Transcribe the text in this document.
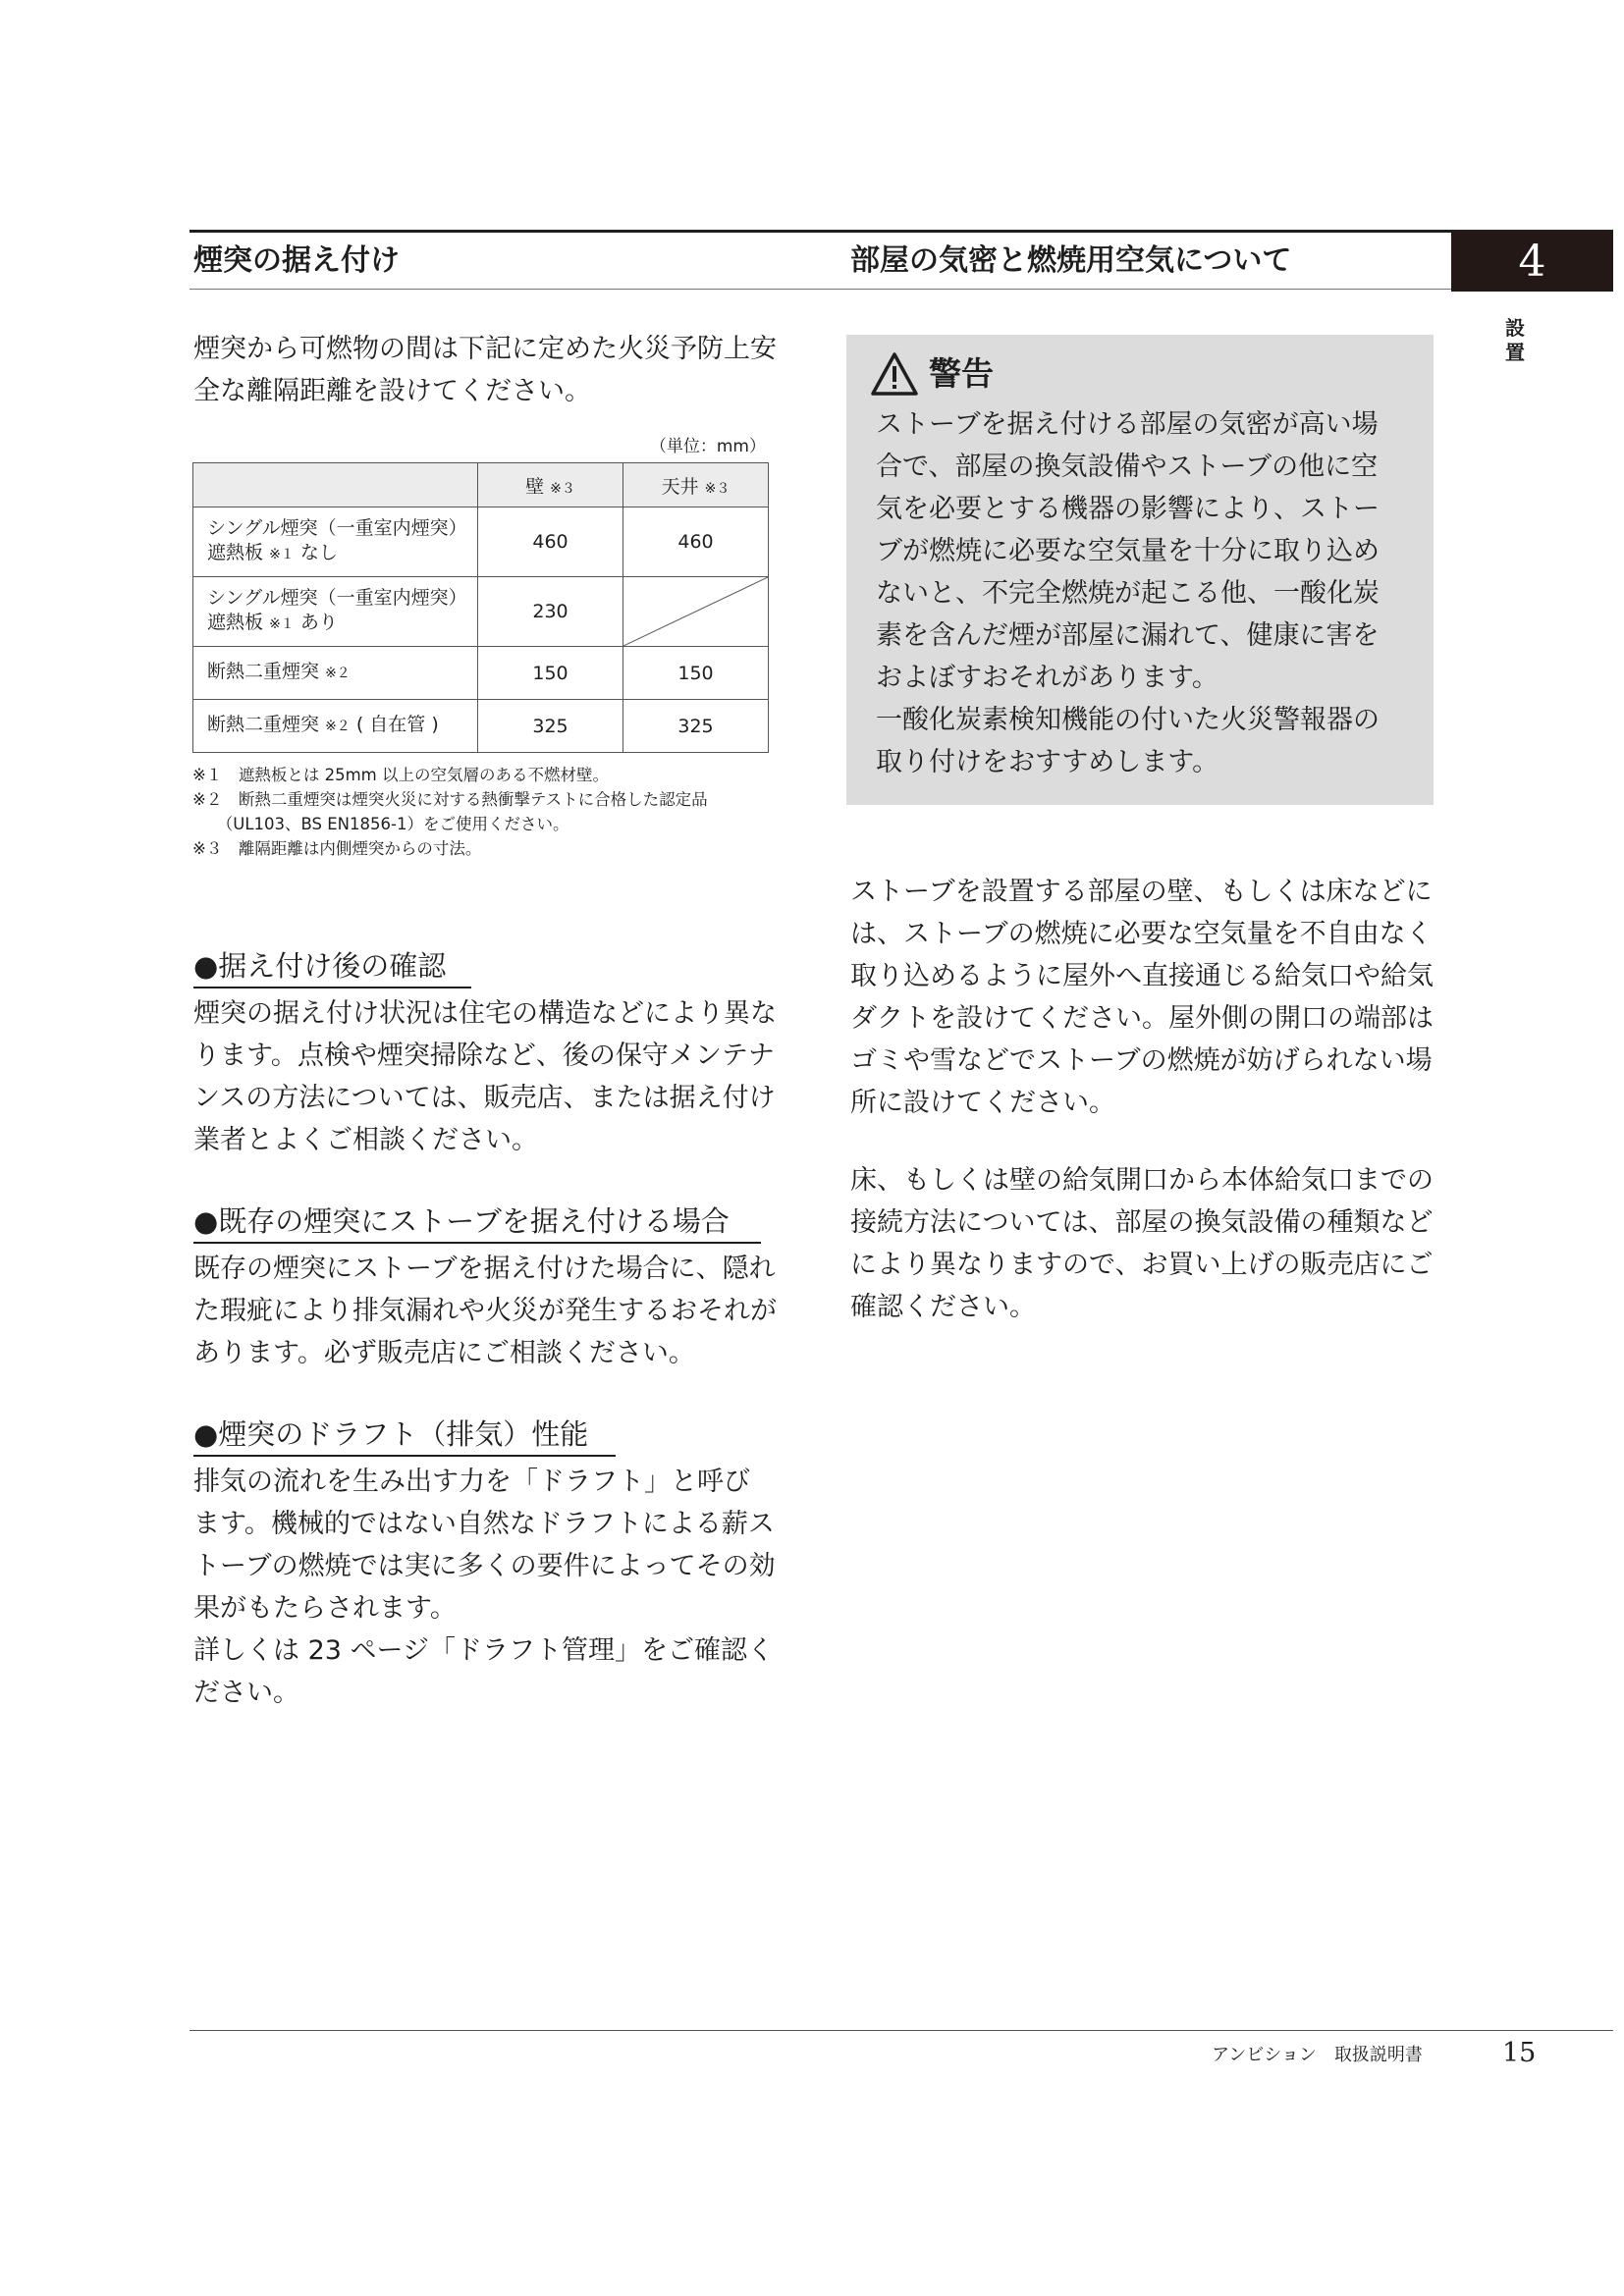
煙突の据え付け	部屋の気密と燃焼用空気について	4
設
置

煙突から可燃物の間は下記に定めた火災予防上安
全な離隔距離を設けてください。

（単位：mm）
	壁 ※３	天井 ※３

シングル煙突（一重室内煙突）
遮熱板 ※１ なし	460	460

シングル煙突（一重室内煙突）
遮熱板 ※１ あり	230	

断熱二重煙突 ※２	150	150
断熱二重煙突 ※２ ( 自在管 )	325	325
※１　遮熱板とは 25mm 以上の空気層のある不燃材壁。
※２　断熱二重煙突は煙突火災に対する熱衝撃テストに合格した認定品
　　（UL103、BS EN1856-1）をご使用ください。
※３　離隔距離は内側煙突からの寸法。
●据え付け後の確認

煙突の据え付け状況は住宅の構造などにより異な
ります。点検や煙突掃除など、後の保守メンテナ
ンスの方法については、販売店、または据え付け
業者とよくご相談ください。

●既存の煙突にストーブを据え付ける場合

既存の煙突にストーブを据え付けた場合に、隠れ
た瑕疵により排気漏れや火災が発生するおそれが
あります。必ず販売店にご相談ください。

●煙突のドラフト（排気）性能

排気の流れを生み出す力を「ドラフト」と呼び
ます。機械的ではない自然なドラフトによる薪ス
トーブの燃焼では実に多くの要件によってその効
果がもたらされます。
詳しくは 23 ページ「ドラフト管理」をご確認く
ださい。

警告

ストーブを据え付ける部屋の気密が高い場
合で、部屋の換気設備やストーブの他に空
気を必要とする機器の影響により、ストー
ブが燃焼に必要な空気量を十分に取り込め
ないと、不完全燃焼が起こる他、一酸化炭
素を含んだ煙が部屋に漏れて、健康に害を
およぼすおそれがあります。
一酸化炭素検知機能の付いた火災警報器の
取り付けをおすすめします。

ストーブを設置する部屋の壁、もしくは床などに
は、ストーブの燃焼に必要な空気量を不自由なく
取り込めるように屋外へ直接通じる給気口や給気
ダクトを設けてください。屋外側の開口の端部は
ゴミや雪などでストーブの燃焼が妨げられない場
所に設けてください。

床、もしくは壁の給気開口から本体給気口までの
接続方法については、部屋の換気設備の種類など
により異なりますので、お買い上げの販売店にご
確認ください。

アンビション　取扱説明書	15
